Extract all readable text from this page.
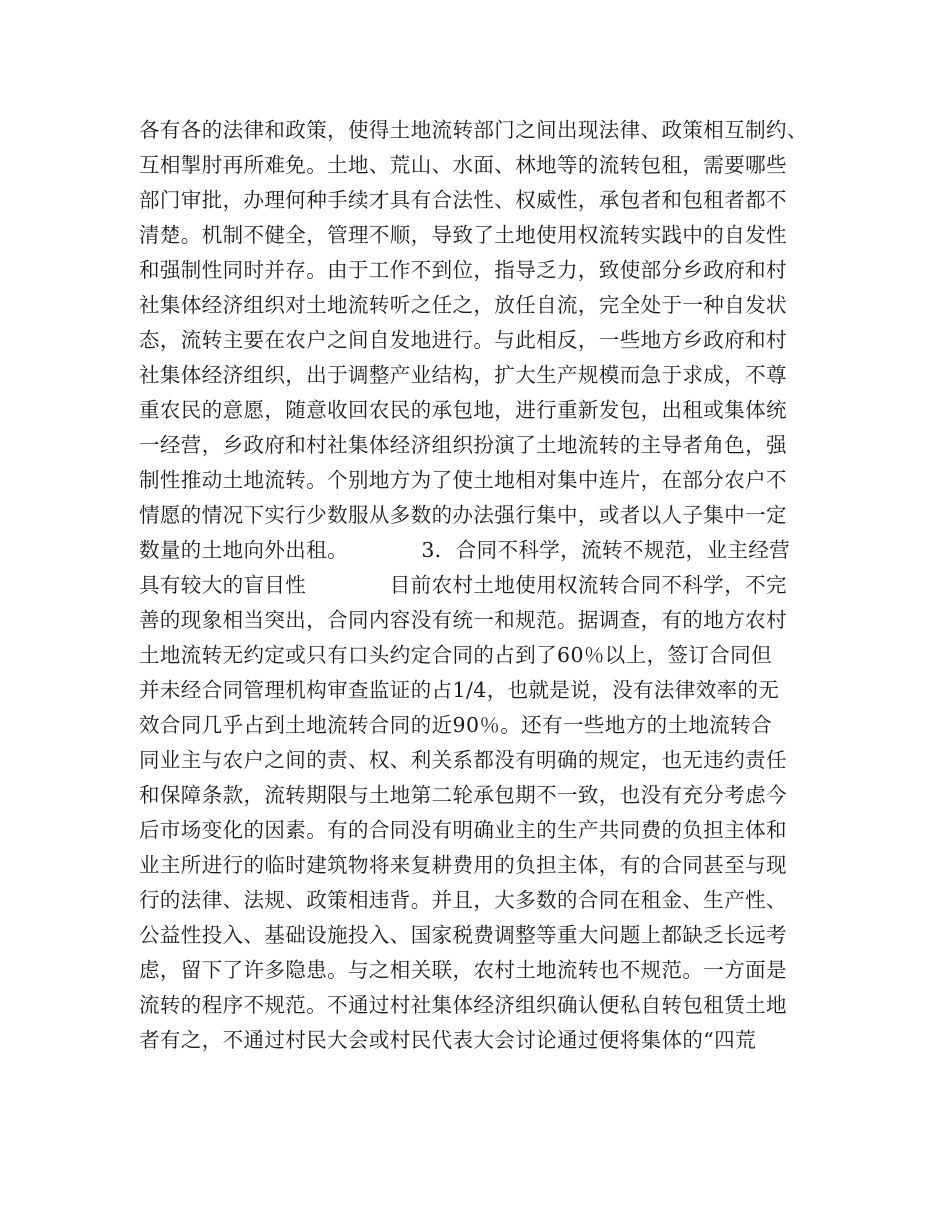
各有各的法律和政策，使得土地流转部门之间出现法律、政策相互制约、
互相掣肘再所难免。土地、荒山、水面、林地等的流转包租，需要哪些
部门审批，办理何种手续才具有合法性、权威性，承包者和包租者都不
清楚。机制不健全，管理不顺，导致了土地使用权流转实践中的自发性
和强制性同时并存。由于工作不到位，指导乏力，致使部分乡政府和村
社集体经济组织对土地流转听之任之，放任自流，完全处于一种自发状
态，流转主要在农户之间自发地进行。与此相反，一些地方乡政府和村
社集体经济组织，出于调整产业结构，扩大生产规模而急于求成，不尊
重农民的意愿，随意收回农民的承包地，进行重新发包，出租或集体统
一经营，乡政府和村社集体经济组织扮演了土地流转的主导者角色，强
制性推动土地流转。个别地方为了使土地相对集中连片，在部分农户不
情愿的情况下实行少数服从多数的办法强行集中，或者以人子集中一定
数量的土地向外出租。　　　　3．合同不科学，流转不规范，业主经营
具有较大的盲目性　　　　目前农村土地使用权流转合同不科学，不完
善的现象相当突出，合同内容没有统一和规范。据调查，有的地方农村
土地流转无约定或只有口头约定合同的占到了60％以上，签订合同但
并未经合同管理机构审查监证的占1/4，也就是说，没有法律效率的无
效合同几乎占到土地流转合同的近90％。还有一些地方的土地流转合
同业主与农户之间的责、权、利关系都没有明确的规定，也无违约责任
和保障条款，流转期限与土地第二轮承包期不一致，也没有充分考虑今
后市场变化的因素。有的合同没有明确业主的生产共同费的负担主体和
业主所进行的临时建筑物将来复耕费用的负担主体，有的合同甚至与现
行的法律、法规、政策相违背。并且，大多数的合同在租金、生产性、
公益性投入、基础设施投入、国家税费调整等重大问题上都缺乏长远考
虑，留下了许多隐患。与之相关联，农村土地流转也不规范。一方面是
流转的程序不规范。不通过村社集体经济组织确认便私自转包租赁土地
者有之，不通过村民大会或村民代表大会讨论通过便将集体的“四荒
